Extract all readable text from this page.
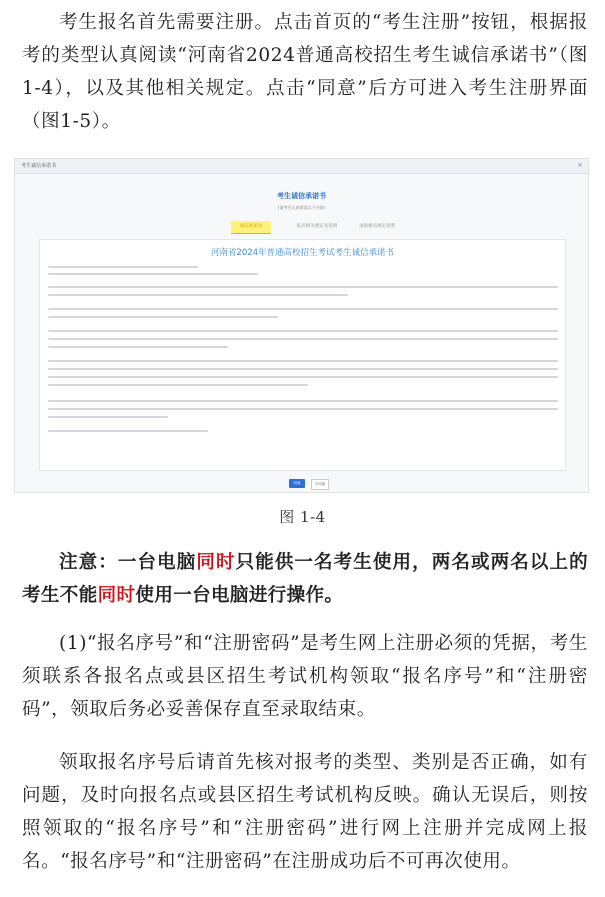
考生报名首先需要注册。点击首页的“考生注册”按钮，根据报考的类型认真阅读“河南省2024普通高校招生考生诚信承诺书”（图1-4），以及其他相关规定。点击“同意”后方可进入考生注册界面（图1-5）。

考生诚信承诺书	×
考生诚信承诺书
(请考生认真阅读以下内容)
诚信承诺书	报名相关规定及说明	录取相关规定说明
河南省2024年普通高校招生考试考生诚信承诺书
同意	不同意
图 1-4

注意：一台电脑同时只能供一名考生使用，两名或两名以上的考生不能同时使用一台电脑进行操作。

(1)“报名序号”和“注册密码”是考生网上注册必须的凭据，考生须联系各报名点或县区招生考试机构领取“报名序号”和“注册密码”，领取后务必妥善保存直至录取结束。

领取报名序号后请首先核对报考的类型、类别是否正确，如有问题，及时向报名点或县区招生考试机构反映。确认无误后，则按照领取的“报名序号”和“注册密码”进行网上注册并完成网上报名。“报名序号”和“注册密码”在注册成功后不可再次使用。
